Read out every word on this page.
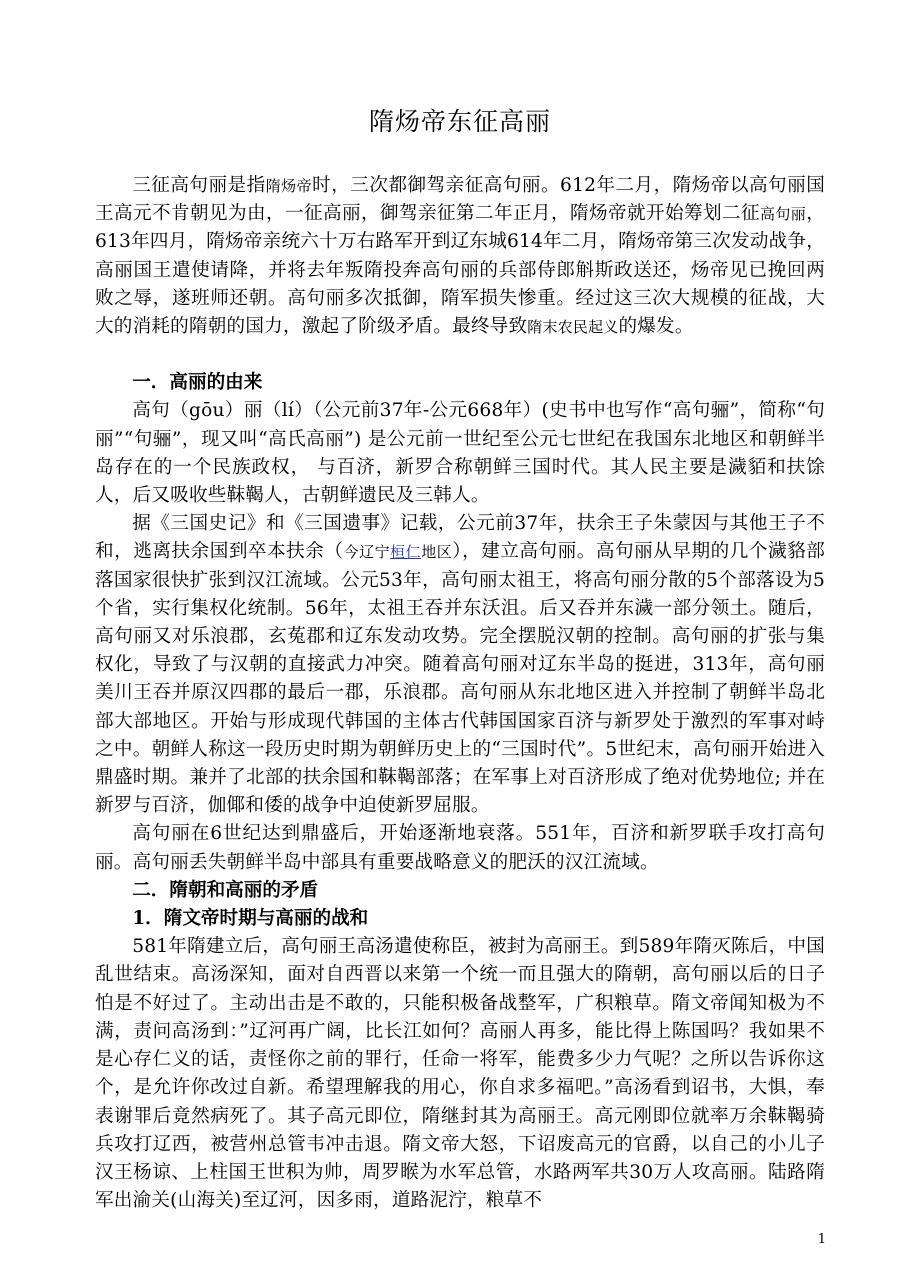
隋炀帝东征高丽

三征高句丽是指隋炀帝时，三次都御驾亲征高句丽。612年二月，隋炀帝以高句丽国王高元不肯朝见为由，一征高丽，御驾亲征第二年正月，隋炀帝就开始筹划二征高句丽，613年四月，隋炀帝亲统六十万右路军开到辽东城614年二月，隋炀帝第三次发动战争，高丽国王遣使请降，并将去年叛隋投奔高句丽的兵部侍郎斛斯政送还，炀帝见已挽回两败之辱，遂班师还朝。高句丽多次抵御，隋军损失惨重。经过这三次大规模的征战，大大的消耗的隋朝的国力，激起了阶级矛盾。最终导致隋末农民起义的爆发。

一．高丽的由来

高句（gōu）丽（lí）（公元前37年-公元668年）(史书中也写作“高句骊”，简称“句丽”“句骊”，现又叫“高氏高丽”) 是公元前一世纪至公元七世纪在我国东北地区和朝鲜半岛存在的一个民族政权， 与百济，新罗合称朝鲜三国时代。其人民主要是濊貊和扶馀人，后又吸收些靺鞨人，古朝鲜遗民及三韩人。

据《三国史记》和《三国遗事》记载，公元前37年，扶余王子朱蒙因与其他王子不和，逃离扶余国到卒本扶余（今辽宁桓仁地区），建立高句丽。高句丽从早期的几个濊貉部落国家很快扩张到汉江流域。公元53年，高句丽太祖王，将高句丽分散的5个部落设为5个省，实行集权化统制。56年，太祖王吞并东沃沮。后又吞并东濊一部分领土。随后，高句丽又对乐浪郡，玄菟郡和辽东发动攻势。完全摆脱汉朝的控制。高句丽的扩张与集权化，导致了与汉朝的直接武力冲突。随着高句丽对辽东半岛的挺进，313年，高句丽美川王吞并原汉四郡的最后一郡，乐浪郡。高句丽从东北地区进入并控制了朝鲜半岛北部大部地区。开始与形成现代韩国的主体古代韩国国家百济与新罗处于激烈的军事对峙之中。朝鲜人称这一段历史时期为朝鲜历史上的“三国时代”。5世纪末，高句丽开始进入鼎盛时期。兼并了北部的扶余国和靺鞨部落；在军事上对百济形成了绝对优势地位; 并在新罗与百济，伽倻和倭的战争中迫使新罗屈服。

高句丽在6世纪达到鼎盛后，开始逐渐地衰落。551年，百济和新罗联手攻打高句丽。高句丽丢失朝鲜半岛中部具有重要战略意义的肥沃的汉江流域。

二．隋朝和高丽的矛盾
1．隋文帝时期与高丽的战和

581年隋建立后，高句丽王高汤遣使称臣，被封为高丽王。到589年隋灭陈后，中国乱世结束。高汤深知，面对自西晋以来第一个统一而且强大的隋朝，高句丽以后的日子怕是不好过了。主动出击是不敢的，只能积极备战整军，广积粮草。隋文帝闻知极为不满，责问高汤到：”辽河再广阔，比长江如何？高丽人再多，能比得上陈国吗？我如果不是心存仁义的话，责怪你之前的罪行，任命一将军，能费多少力气呢？之所以告诉你这个，是允许你改过自新。希望理解我的用心，你自求多福吧。”高汤看到诏书，大惧，奉表谢罪后竟然病死了。其子高元即位，隋继封其为高丽王。高元刚即位就率万余靺鞨骑兵攻打辽西，被营州总管韦冲击退。隋文帝大怒，下诏废高元的官爵，以自己的小儿子汉王杨谅、上柱国王世积为帅，周罗睺为水军总管，水路两军共30万人攻高丽。陆路隋军出渝关(山海关)至辽河，因多雨，道路泥泞，粮草不

1
